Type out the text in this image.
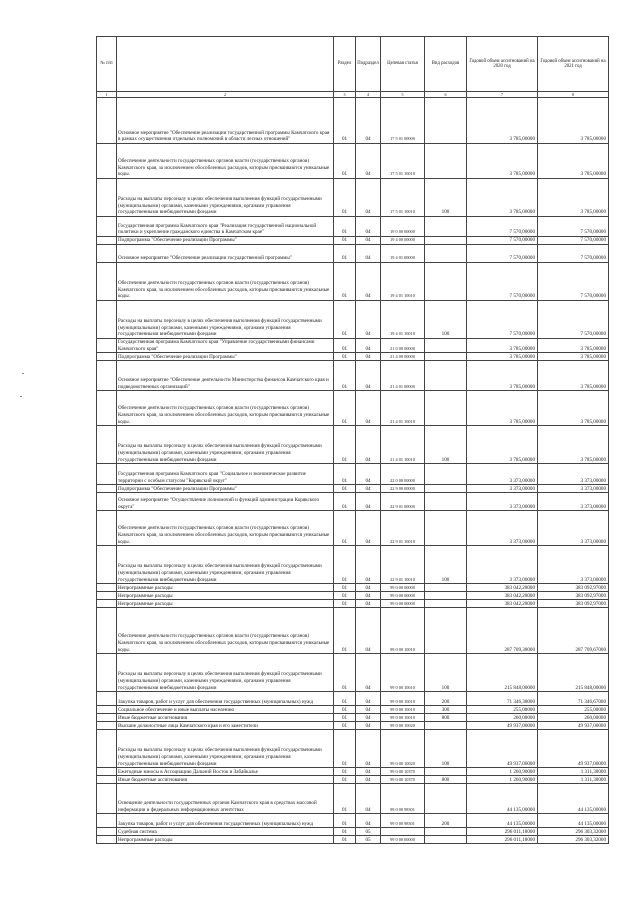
№ п/п		Раздел	Подраздел	Целевая статья	Вид расходов	Годовой объем ассигнований на 2020 год	Годовой объем ассигнований на 2021 год
1	2	3	4	5	6	7	8
	Основное мероприятие "Обеспечение реализации государственной программы Камчатского края в рамках осуществления отдельных полномочий в области лесных отношений"	01	04	17 5 01 00000		3 785,00000	3 785,00000
	Обеспечение деятельности государственных органов власти (государственных органов) Камчатского края, за исключением обособленных расходов, которым присваиваются уникальные коды.	01	04	17 5 01 10010		3 785,00000	3 785,00000
	Расходы на выплаты персоналу в целях обеспечения выполнения функций государственными (муниципальными) органами, казенными учреждениями, органами управления государственными внебюджетными фондами	01	04	17 5 01 10010	100	3 785,00000	3 785,00000
	Государственная программа Камчатского края "Реализация государственной национальной политики и укрепление гражданского единства в Камчатском крае"	01	04	19 0 00 00000		7 570,00000	7 570,00000
	Подпрограмма "Обеспечение реализации Программы"	01	04	19 4 00 00000		7 570,00000	7 570,00000
	Основное мероприятие "Обеспечение реализации государственной программы"	01	04	19 4 01 00000		7 570,00000	7 570,00000
	Обеспечение деятельности государственных органов власти (государственных органов) Камчатского края, за исключением обособленных расходов, которым присваиваются уникальные коды.	01	04	19 4 01 10010		7 570,00000	7 570,00000
	Расходы на выплаты персоналу в целях обеспечения выполнения функций государственными (муниципальными) органами, казенными учреждениями, органами управления государственными внебюджетными фондами	01	04	19 4 01 10010	100	7 570,00000	7 570,00000
	Государственная программа Камчатского края "Управление государственными финансами Камчатского края"	01	04	21 0 00 00000		3 785,00000	3 785,00000
	Подпрограмма "Обеспечение реализации Программы"	01	04	21 4 00 00000		3 785,00000	3 785,00000
	Основное мероприятие "Обеспечение деятельности Министерства финансов Камчатского края и подведомственных организаций"	01	04	21 4 01 00000		3 785,00000	3 785,00000
	Обеспечение деятельности государственных органов власти (государственных органов) Камчатского края, за исключением обособленных расходов, которым присваиваются уникальные коды.	01	04	21 4 01 10010		3 785,00000	3 785,00000
	Расходы на выплаты персоналу в целях обеспечения выполнения функций государственными (муниципальными) органами, казенными учреждениями, органами управления государственными внебюджетными фондами	01	04	21 4 01 10010	100	3 785,00000	3 785,00000
	Государственная программа Камчатского края "Социальное и экономическое развитие территории с особым статусом "Корякский округ"	01	04	22 0 00 00000		3 373,00000	3 373,00000
	Подпрограмма "Обеспечение реализации Программы"	01	04	22 9 00 00000		3 373,00000	3 373,00000
	Основное мероприятие "Осуществление полномочий и функций администрации Корякского округа"	01	04	22 9 01 00000		3 373,00000	3 373,00000
	Обеспечение деятельности государственных органов власти (государственных органов) Камчатского края, за исключением обособленных расходов, которым присваиваются уникальные коды.	01	04	22 9 01 10010		3 373,00000	3 373,00000
	Расходы на выплаты персоналу в целях обеспечения выполнения функций государственными (муниципальными) органами, казенными учреждениями, органами управления государственными внебюджетными фондами	01	04	22 9 01 10010	100	3 373,00000	3 373,00000
	Непрограммные расходы	01	04	99 0 00 00000		383 042,28000	383 092,97000
	Непрограммные расходы	01	04	99 0 00 00000		383 042,28000	383 092,97000
	Непрограммные расходы	01	04	99 0 00 00000		383 042,28000	383 092,97000
	Обеспечение деятельности государственных органов власти (государственных органов) Камчатского края, за исключением обособленных расходов, которым присваиваются уникальные коды.	01	04	99 0 00 10010		287 709,38000	287 709,67000
	Расходы на выплаты персоналу в целях обеспечения выполнения функций государственными (муниципальными) органами, казенными учреждениями, органами управления государственными внебюджетными фондами	01	04	99 0 00 10010	100	215 848,00000	215 848,00000
	Закупка товаров, работ и услуг для обеспечения государственных (муниципальных) нужд	01	04	99 0 00 10010	200	71 346,38000	71 346,67000
	Социальное обеспечение и иные выплаты населению	01	04	99 0 00 10010	300	255,00000	255,00000
	Иные бюджетные ассигнования	01	04	99 0 00 10010	800	260,00000	260,00000
	Высшие должностные лица Камчатского края и его заместители	01	04	99 0 00 10020		49 937,00000	49 937,00000
	Расходы на выплаты персоналу в целях обеспечения выполнения функций государственными (муниципальными) органами, казенными учреждениями, органами управления государственными внебюджетными фондами	01	04	99 0 00 10020	100	49 937,00000	49 937,00000
	Ежегодные взносы в Ассоциацию Дальний Восток и Забайкалье	01	04	99 0 00 10370		1 260,90000	1 311,30000
	Иные бюджетные ассигнования	01	04	99 0 00 10370	800	1 260,90000	1 311,30000
	Освещение деятельности государственных органов Камчатского края в средствах массовой информации и федеральных информационных агентствах	01	04	99 0 00 98301		44 135,00000	44 135,00000
	Закупка товаров, работ и услуг для обеспечения государственных (муниципальных) нужд	01	04	99 0 00 98301	200	44 135,00000	44 135,00000
	Судебная система	01	05			296 011,18000	296 303,32000
	Непрограммные расходы	01	05	99 0 00 00000		296 011,18000	296 303,32000
